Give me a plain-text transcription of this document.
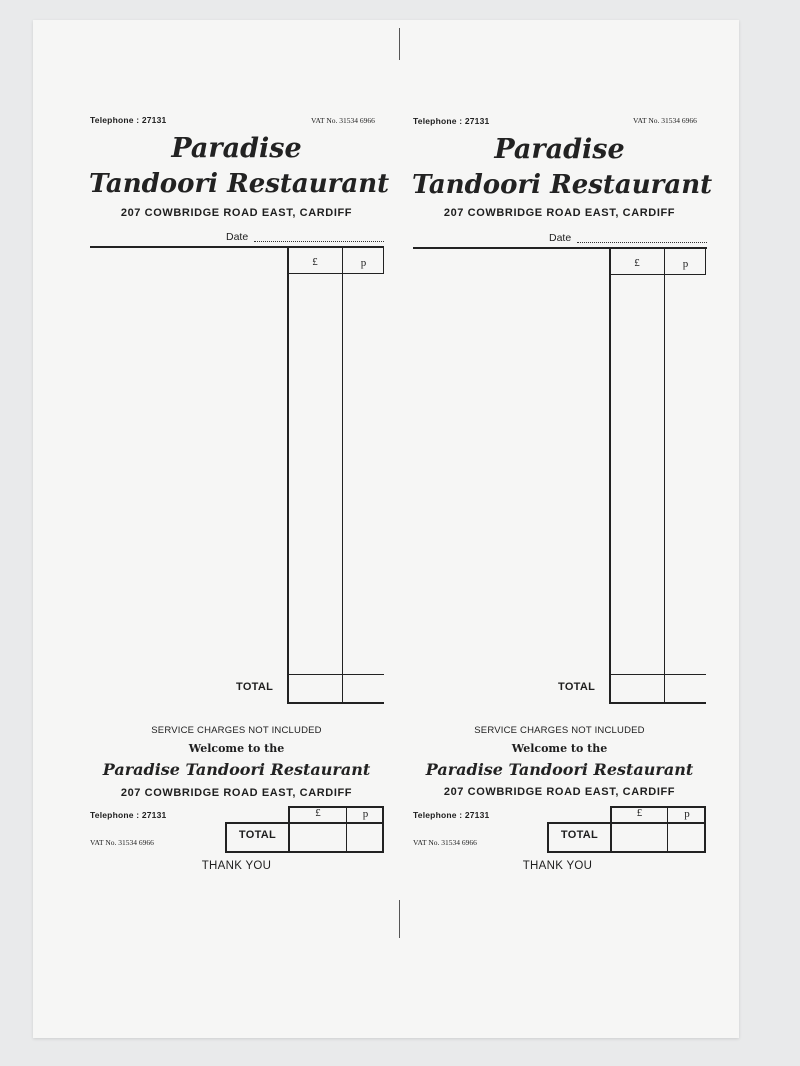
Telephone : 27131	VAT No. 31534 6966
Paradise
Tandoori Restaurant
207 COWBRIDGE ROAD EAST, CARDIFF
Date
£	p
TOTAL
SERVICE CHARGES NOT INCLUDED
Welcome to the
Paradise Tandoori Restaurant
207 COWBRIDGE ROAD EAST, CARDIFF
Telephone : 27131
VAT No. 31534 6966
£	p
TOTAL
THANK YOU
Telephone : 27131	VAT No. 31534 6966
Paradise
Tandoori Restaurant
207 COWBRIDGE ROAD EAST, CARDIFF
Date
£	p
TOTAL
SERVICE CHARGES NOT INCLUDED
Welcome to the
Paradise Tandoori Restaurant
207 COWBRIDGE ROAD EAST, CARDIFF
Telephone : 27131
VAT No. 31534 6966
£	p
TOTAL
THANK YOU
